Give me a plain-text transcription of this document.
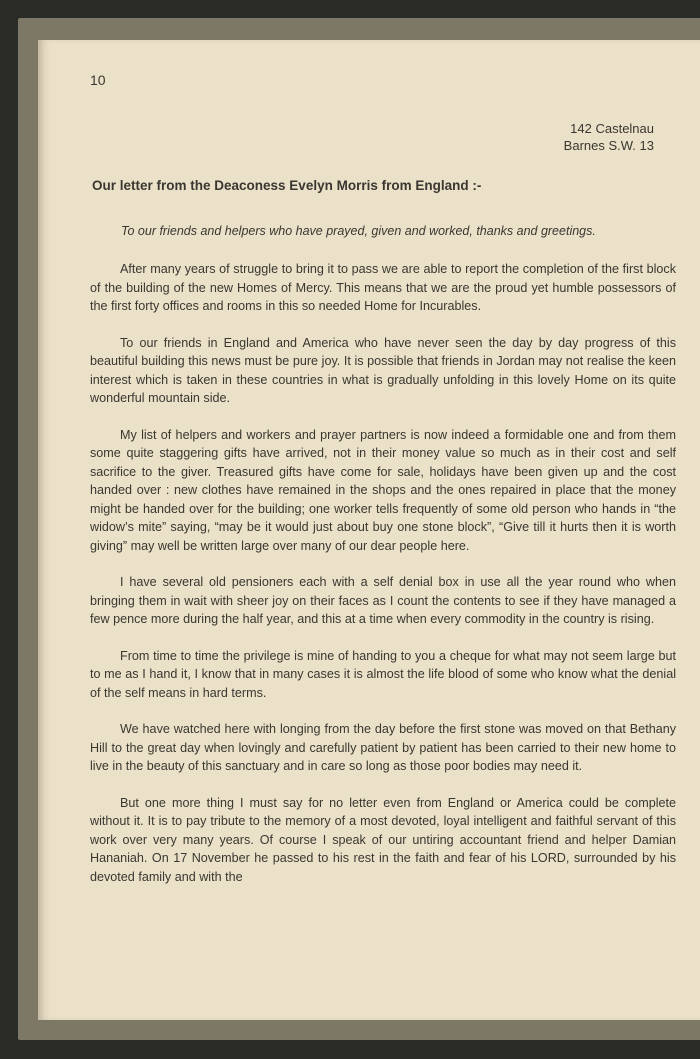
10
142 Castelnau
Barnes S.W. 13
Our letter from the Deaconess Evelyn Morris from England :-
To our friends and helpers who have prayed, given and worked, thanks and greetings.

After many years of struggle to bring it to pass we are able to report the completion of the first block of the building of the new Homes of Mercy. This means that we are the proud yet humble possessors of the first forty offices and rooms in this so needed Home for Incurables.

To our friends in England and America who have never seen the day by day progress of this beautiful building this news must be pure joy. It is possible that friends in Jordan may not realise the keen interest which is taken in these countries in what is gradually unfolding in this lovely Home on its quite wonderful mountain side.

My list of helpers and workers and prayer partners is now indeed a formidable one and from them some quite staggering gifts have arrived, not in their money value so much as in their cost and self sacrifice to the giver. Treasured gifts have come for sale, holidays have been given up and the cost handed over : new clothes have remained in the shops and the ones repaired in place that the money might be handed over for the building; one worker tells frequently of some old person who hands in “the widow’s mite” saying, “may be it would just about buy one stone block”, “Give till it hurts then it is worth giving” may well be written large over many of our dear people here.

I have several old pensioners each with a self denial box in use all the year round who when bringing them in wait with sheer joy on their faces as I count the contents to see if they have managed a few pence more during the half year, and this at a time when every commodity in the country is rising.

From time to time the privilege is mine of handing to you a cheque for what may not seem large but to me as I hand it, I know that in many cases it is almost the life blood of some who know what the denial of the self means in hard terms.

We have watched here with longing from the day before the first stone was moved on that Bethany Hill to the great day when lovingly and carefully patient by patient has been carried to their new home to live in the beauty of this sanctuary and in care so long as those poor bodies may need it.

But one more thing I must say for no letter even from England or America could be complete without it. It is to pay tribute to the memory of a most devoted, loyal intelligent and faithful servant of this work over very many years. Of course I speak of our untiring accountant friend and helper Damian Hananiah. On 17 November he passed to his rest in the faith and fear of his LORD, surrounded by his devoted family and with the
